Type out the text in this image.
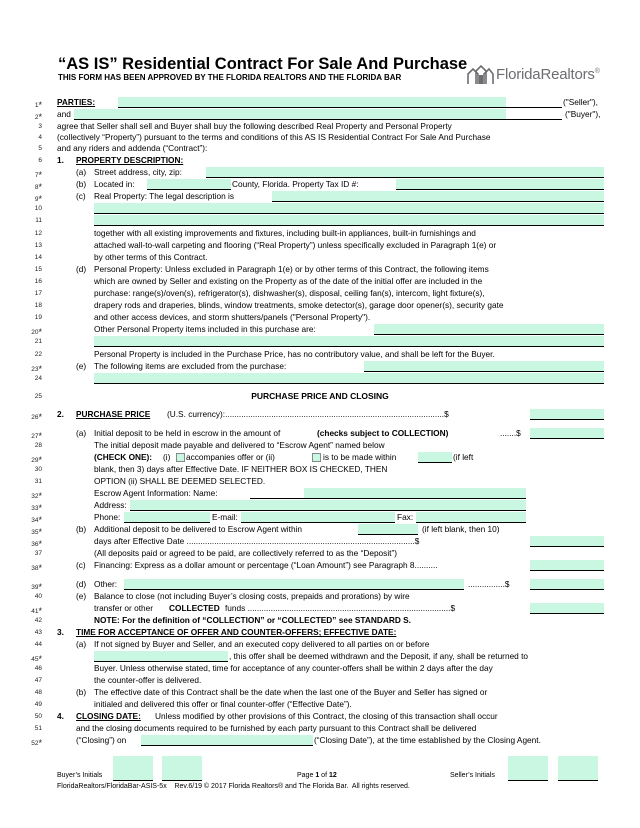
“AS IS” Residential Contract For Sale And Purchase
THIS FORM HAS BEEN APPROVED BY THE FLORIDA REALTORS AND THE FLORIDA BAR	FloridaRealtors®
1* PARTIES:	("Seller"),
2* and	("Buyer"),
3 agree that Seller shall sell and Buyer shall buy the following described Real Property and Personal Property
4 (collectively “Property”) pursuant to the terms and conditions of this AS IS Residential Contract For Sale And Purchase
5 and any riders and addenda (“Contract”):
6 1. PROPERTY DESCRIPTION:
7*	(a) Street address, city, zip:
8*	(b) Located in:	County, Florida. Property Tax ID #:
9*	(c) Real Property: The legal description is
10
11
12	together with all existing improvements and fixtures, including built-in appliances, built-in furnishings and
13	attached wall-to-wall carpeting and flooring (“Real Property”) unless specifically excluded in Paragraph 1(e) or
14	by other terms of this Contract.
15	(d) Personal Property: Unless excluded in Paragraph 1(e) or by other terms of this Contract, the following items
16	which are owned by Seller and existing on the Property as of the date of the initial offer are included in the
17	purchase: range(s)/oven(s), refrigerator(s), dishwasher(s), disposal, ceiling fan(s), intercom, light fixture(s),
18	drapery rods and draperies, blinds, window treatments, smoke detector(s), garage door opener(s), security gate
19	and other access devices, and storm shutters/panels ("Personal Property").
20*	Other Personal Property items included in this purchase are:
21
22	Personal Property is included in the Purchase Price, has no contributory value, and shall be left for the Buyer.
23*	(e) The following items are excluded from the purchase:
24
25	PURCHASE PRICE AND CLOSING
26* 2. PURCHASE PRICE (U.S. currency):...............................................................................................$
27*	(a) Initial deposit to be held in escrow in the amount of	(checks subject to COLLECTION)	.......$
28	The initial deposit made payable and delivered to “Escrow Agent” named below
29*	(CHECK ONE): (i) accompanies offer or (ii)	is to be made within	(if left
30	blank, then 3) days after Effective Date. IF NEITHER BOX IS CHECKED, THEN
31	OPTION (ii) SHALL BE DEEMED SELECTED.
32*	Escrow Agent Information: Name:
33*	Address:
34*	Phone:	E-mail:	Fax:
35*	(b) Additional deposit to be delivered to Escrow Agent within	(if left blank, then 10)
36*	days after Effective Date ...................................................................................................$
37	(All deposits paid or agreed to be paid, are collectively referred to as the “Deposit”)
38*	(c) Financing: Express as a dollar amount or percentage (“Loan Amount”) see Paragraph 8..........
39*	(d) Other:	................$
40	(e) Balance to close (not including Buyer’s closing costs, prepaids and prorations) by wire
41*	transfer or other COLLECTED funds ........................................................................................$
42	NOTE: For the definition of “COLLECTION” or “COLLECTED” see STANDARD S.
43 3. TIME FOR ACCEPTANCE OF OFFER AND COUNTER-OFFERS; EFFECTIVE DATE:
44	(a) If not signed by Buyer and Seller, and an executed copy delivered to all parties on or before
45*	, this offer shall be deemed withdrawn and the Deposit, if any, shall be returned to
46	Buyer. Unless otherwise stated, time for acceptance of any counter-offers shall be within 2 days after the day
47	the counter-offer is delivered.
48	(b) The effective date of this Contract shall be the date when the last one of the Buyer and Seller has signed or
49	initialed and delivered this offer or final counter-offer (“Effective Date”).
50 4. CLOSING DATE: Unless modified by other provisions of this Contract, the closing of this transaction shall occur
51	and the closing documents required to be furnished by each party pursuant to this Contract shall be delivered
52*	(“Closing”) on	(“Closing Date”), at the time established by the Closing Agent.
Buyer’s Initials	Page 1 of 12	Seller’s Initials
FloridaRealtors/FloridaBar-ASIS-5x    Rev.6/19 © 2017 Florida Realtors® and The Florida Bar.  All rights reserved.
